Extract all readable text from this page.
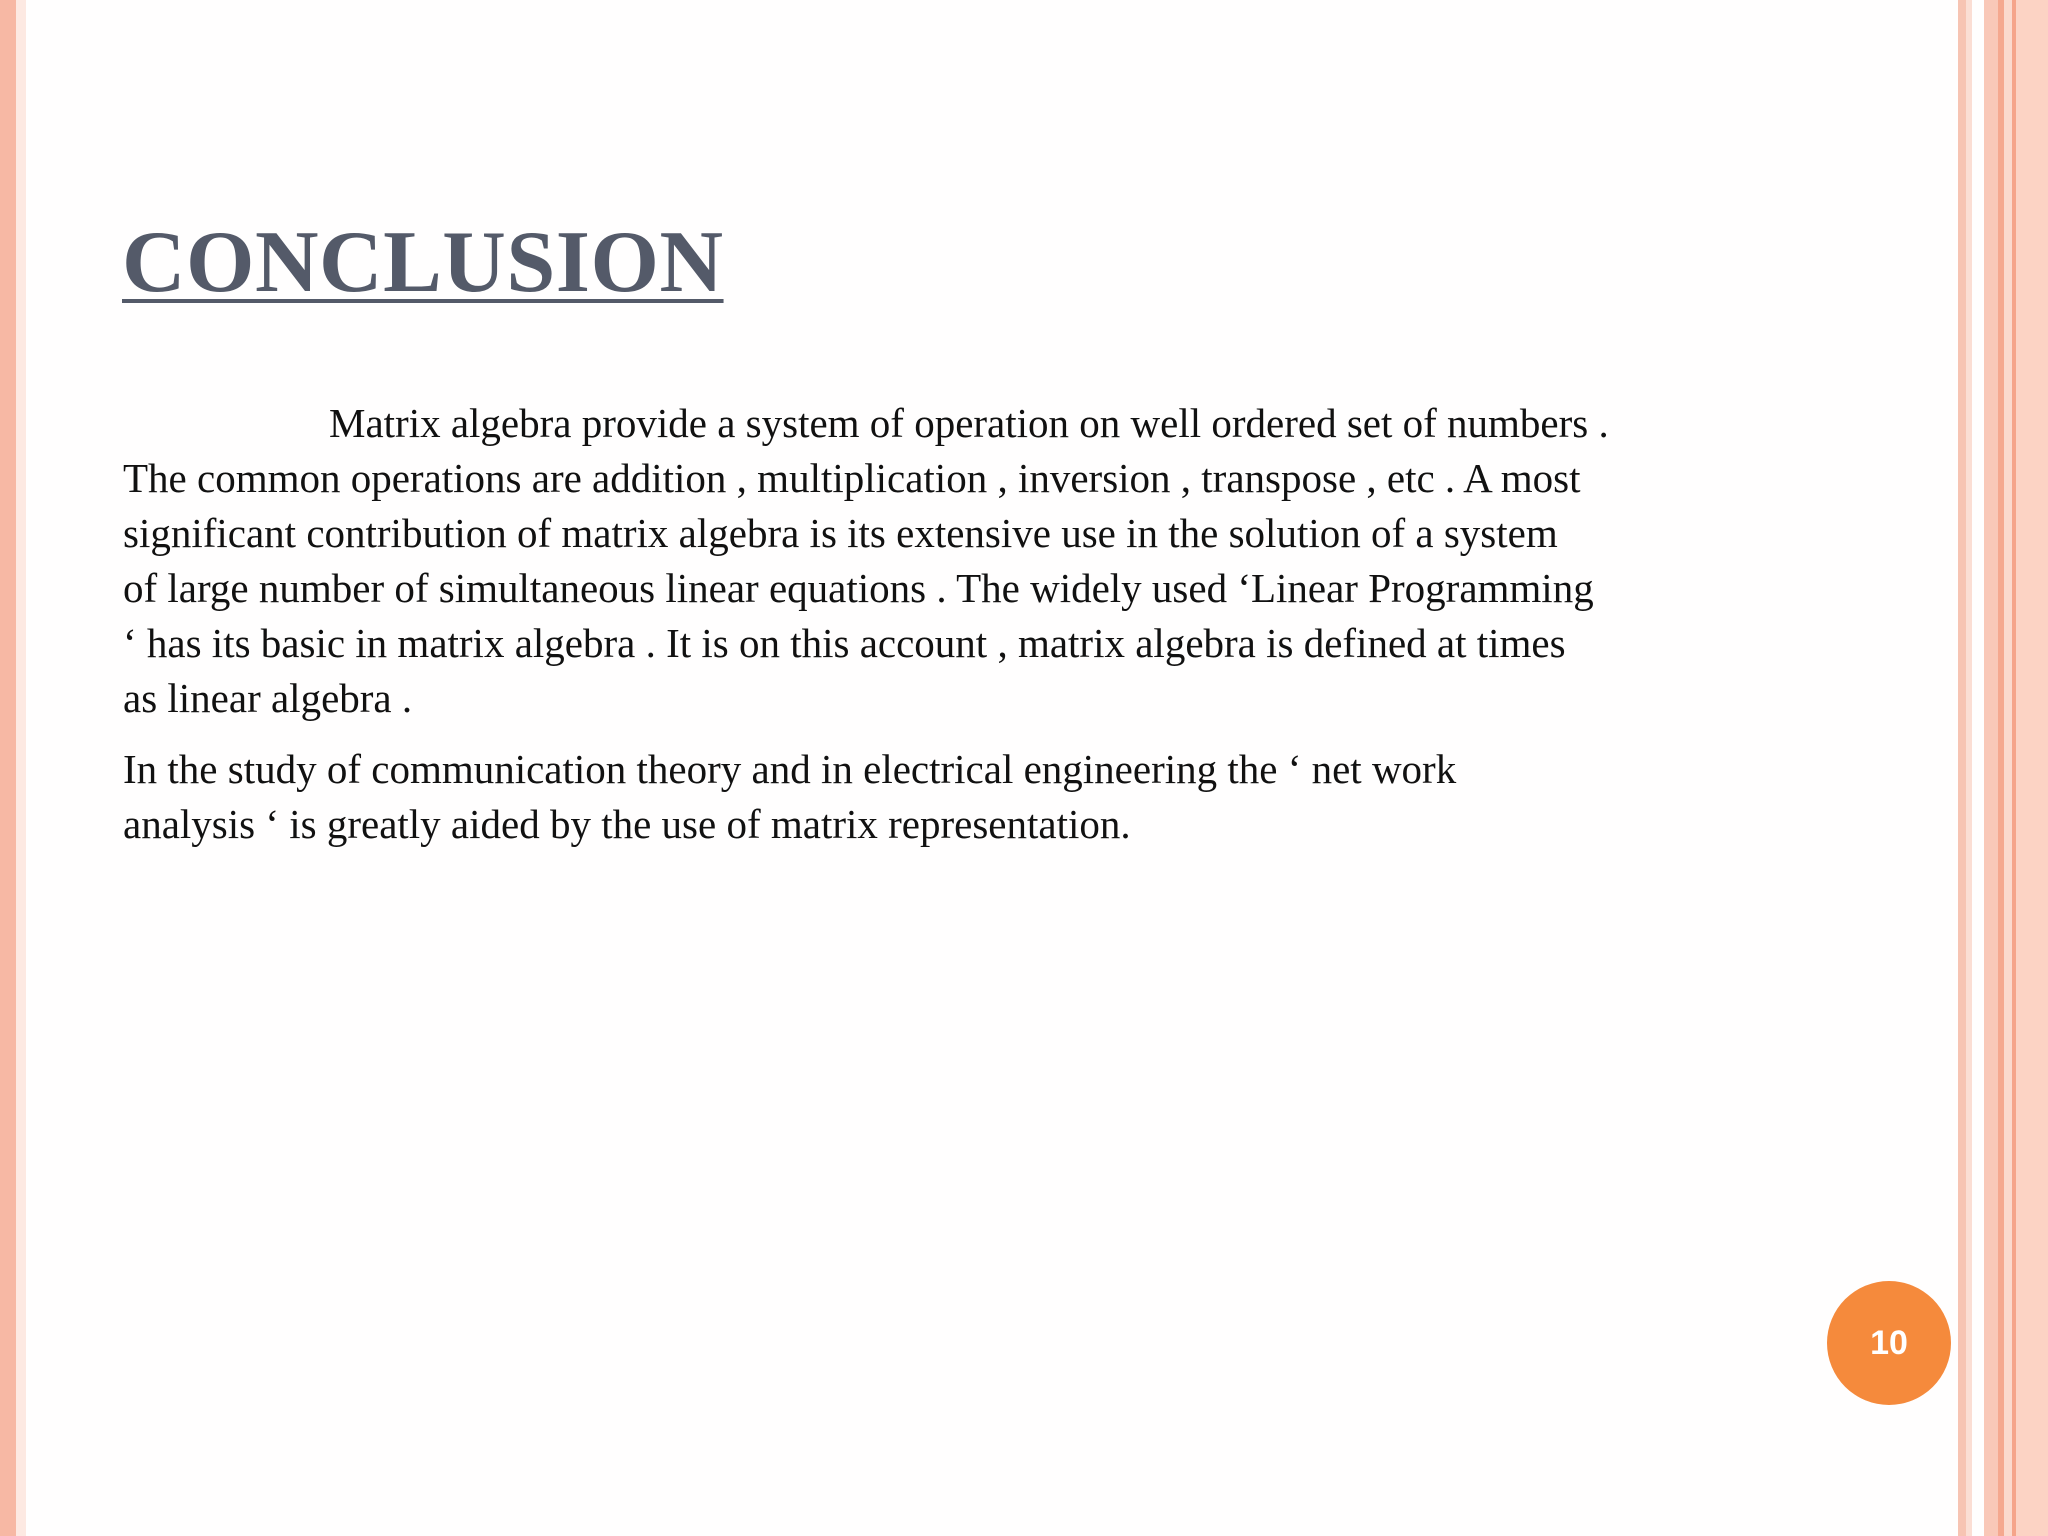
CONCLUSION

Matrix algebra provide a system of operation on well ordered set of numbers .
The common operations are addition , multiplication , inversion , transpose , etc . A most
significant contribution of matrix algebra is its extensive use in the solution of a system
of large number of simultaneous linear equations . The widely used ‘Linear Programming
‘ has its basic in matrix algebra . It is on this account , matrix algebra is defined at times
as linear algebra .

In the study of communication theory and in electrical engineering the ‘ net work
analysis ‘ is greatly aided by the use of matrix representation.

10
